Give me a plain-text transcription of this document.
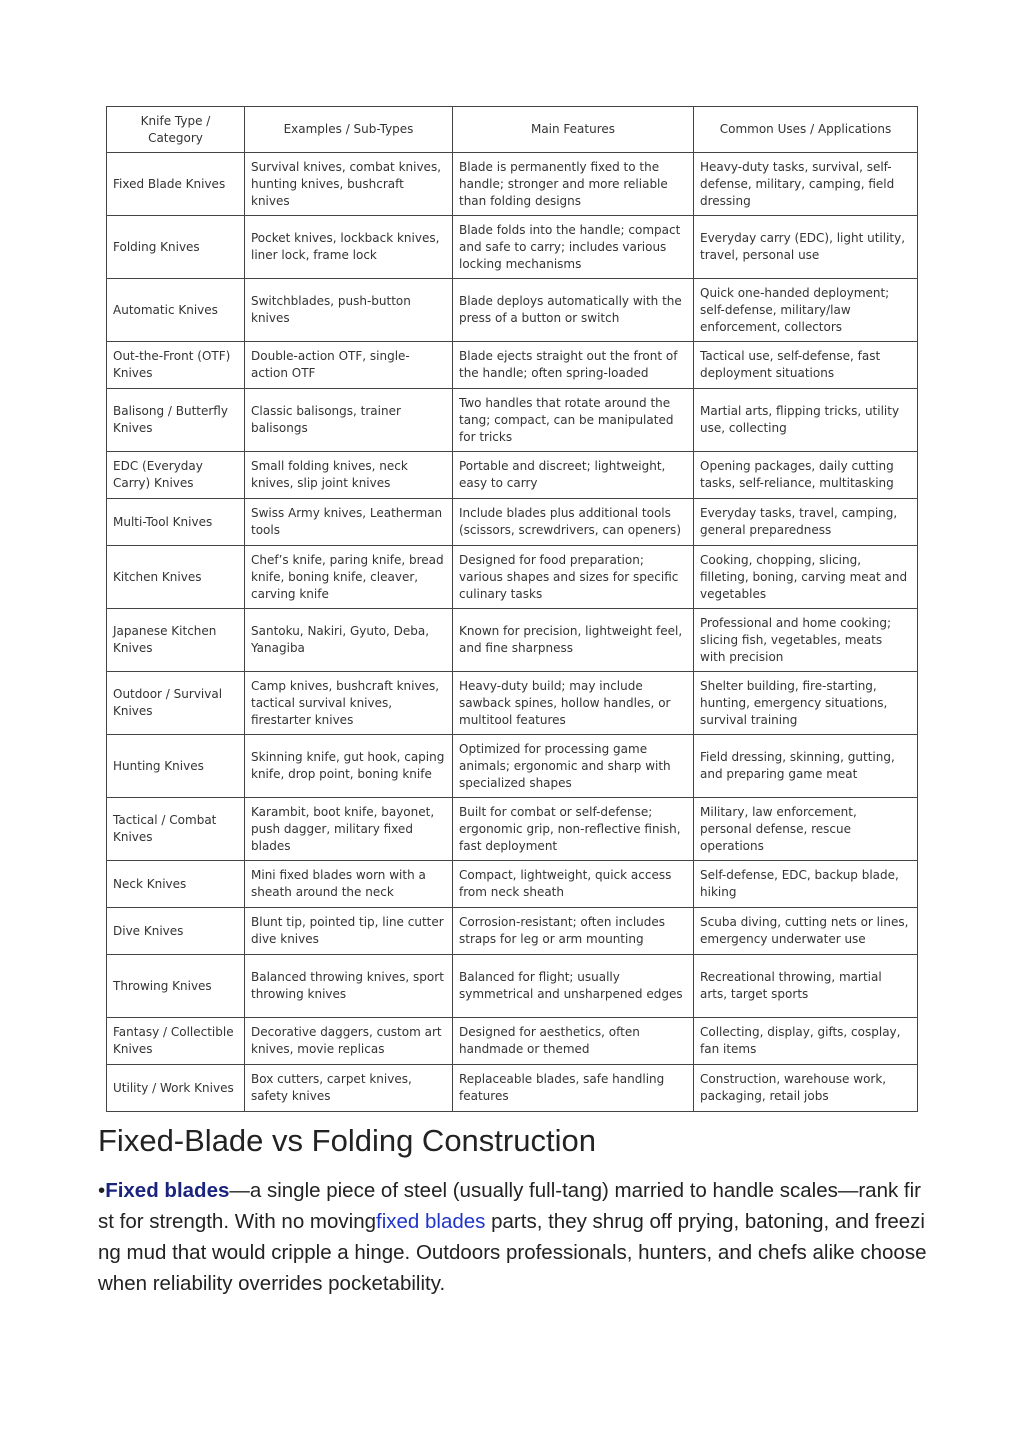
Knife Type / Category	Examples / Sub-Types	Main Features	Common Uses / Applications
Fixed Blade Knives	Survival knives, combat knives, hunting knives, bushcraft knives	Blade is permanently fixed to the handle; stronger and more reliable than folding designs	Heavy-duty tasks, survival, self-defense, military, camping, field dressing
Folding Knives	Pocket knives, lockback knives, liner lock, frame lock	Blade folds into the handle; compact and safe to carry; includes various locking mechanisms	Everyday carry (EDC), light utility, travel, personal use
Automatic Knives	Switchblades, push-button knives	Blade deploys automatically with the press of a button or switch	Quick one-handed deployment; self-defense, military/law enforcement, collectors
Out-the-Front (OTF) Knives	Double-action OTF, single-action OTF	Blade ejects straight out the front of the handle; often spring-loaded	Tactical use, self-defense, fast deployment situations
Balisong / Butterfly Knives	Classic balisongs, trainer balisongs	Two handles that rotate around the tang; compact, can be manipulated for tricks	Martial arts, flipping tricks, utility use, collecting
EDC (Everyday Carry) Knives	Small folding knives, neck knives, slip joint knives	Portable and discreet; lightweight, easy to carry	Opening packages, daily cutting tasks, self-reliance, multitasking
Multi-Tool Knives	Swiss Army knives, Leatherman tools	Include blades plus additional tools (scissors, screwdrivers, can openers)	Everyday tasks, travel, camping, general preparedness
Kitchen Knives	Chef’s knife, paring knife, bread knife, boning knife, cleaver, carving knife	Designed for food preparation; various shapes and sizes for specific culinary tasks	Cooking, chopping, slicing, filleting, boning, carving meat and vegetables
Japanese Kitchen Knives	Santoku, Nakiri, Gyuto, Deba, Yanagiba	Known for precision, lightweight feel, and fine sharpness	Professional and home cooking; slicing fish, vegetables, meats with precision
Outdoor / Survival Knives	Camp knives, bushcraft knives, tactical survival knives, firestarter knives	Heavy-duty build; may include sawback spines, hollow handles, or multitool features	Shelter building, fire-starting, hunting, emergency situations, survival training
Hunting Knives	Skinning knife, gut hook, caping knife, drop point, boning knife	Optimized for processing game animals; ergonomic and sharp with specialized shapes	Field dressing, skinning, gutting, and preparing game meat
Tactical / Combat Knives	Karambit, boot knife, bayonet, push dagger, military fixed blades	Built for combat or self-defense; ergonomic grip, non-reflective finish, fast deployment	Military, law enforcement, personal defense, rescue operations
Neck Knives	Mini fixed blades worn with a sheath around the neck	Compact, lightweight, quick access from neck sheath	Self-defense, EDC, backup blade, hiking
Dive Knives	Blunt tip, pointed tip, line cutter dive knives	Corrosion-resistant; often includes straps for leg or arm mounting	Scuba diving, cutting nets or lines, emergency underwater use
Throwing Knives	Balanced throwing knives, sport throwing knives	Balanced for flight; usually symmetrical and unsharpened edges	Recreational throwing, martial arts, target sports
Fantasy / Collectible Knives	Decorative daggers, custom art knives, movie replicas	Designed for aesthetics, often handmade or themed	Collecting, display, gifts, cosplay, fan items
Utility / Work Knives	Box cutters, carpet knives, safety knives	Replaceable blades, safe handling features	Construction, warehouse work, packaging, retail jobs
Fixed-Blade vs Folding Construction

•Fixed blades—a single piece of steel (usually full-tang) married to handle scales—rank first for strength. With no movingfixed blades parts, they shrug off prying, batoning, and freezing mud that would cripple a hinge. Outdoors professionals, hunters, and chefs alike choose when reliability overrides pocketability.
